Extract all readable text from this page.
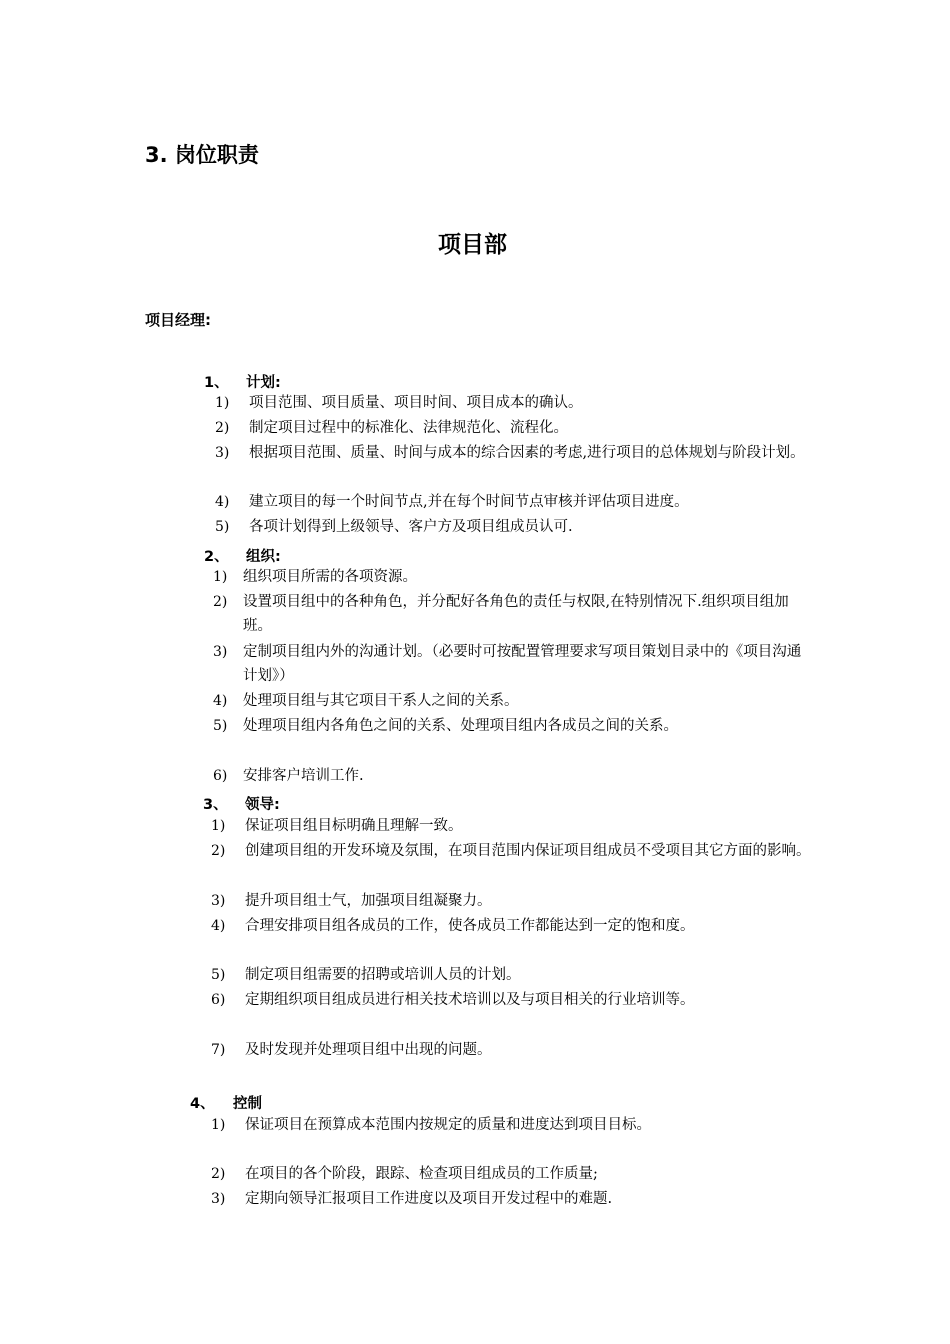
3. 岗位职责
项目部
项目经理:
1、 计划:
1) 项目范围、项目质量、项目时间、项目成本的确认。
2) 制定项目过程中的标准化、法律规范化、流程化。
3) 根据项目范围、质量、时间与成本的综合因素的考虑,进行项目的总体规划与阶段计划。
4) 建立项目的每一个时间节点,并在每个时间节点审核并评估项目进度。
5) 各项计划得到上级领导、客户方及项目组成员认可.
2、 组织:
1) 组织项目所需的各项资源。
2) 设置项目组中的各种角色，并分配好各角色的责任与权限,在特别情况下.组织项目组加班。
3) 定制项目组内外的沟通计划。（必要时可按配置管理要求写项目策划目录中的《项目沟通计划》）
4) 处理项目组与其它项目干系人之间的关系。
5) 处理项目组内各角色之间的关系、处理项目组内各成员之间的关系。
6) 安排客户培训工作.
3、 领导:
1) 保证项目组目标明确且理解一致。
2) 创建项目组的开发环境及氛围，在项目范围内保证项目组成员不受项目其它方面的影响。
3) 提升项目组士气，加强项目组凝聚力。
4) 合理安排项目组各成员的工作，使各成员工作都能达到一定的饱和度。
5) 制定项目组需要的招聘或培训人员的计划。
6) 定期组织项目组成员进行相关技术培训以及与项目相关的行业培训等。
7) 及时发现并处理项目组中出现的问题。
4、 控制
1) 保证项目在预算成本范围内按规定的质量和进度达到项目目标。
2) 在项目的各个阶段，跟踪、检查项目组成员的工作质量;
3) 定期向领导汇报项目工作进度以及项目开发过程中的难题.
